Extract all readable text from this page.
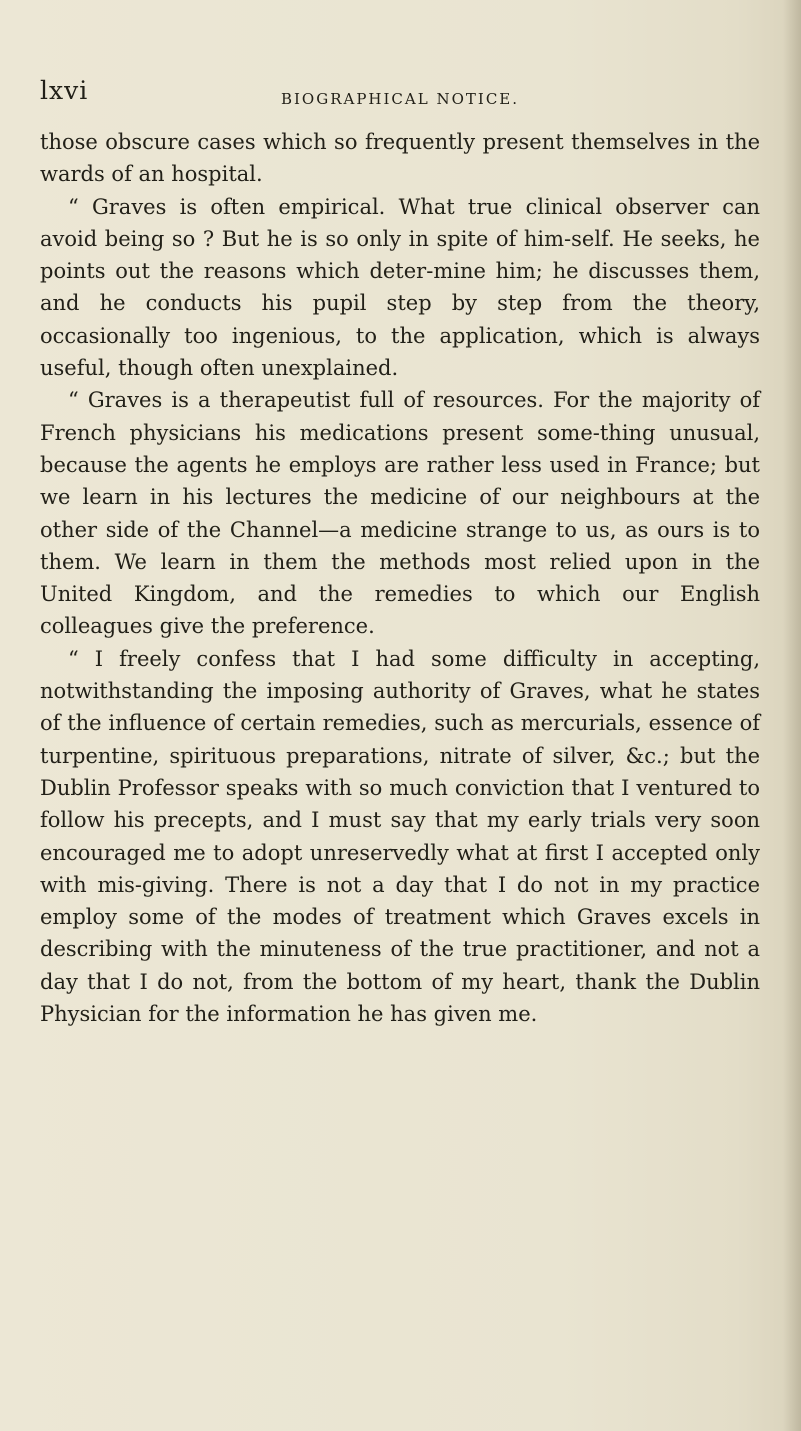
lxvi	BIOGRAPHICAL NOTICE.

those obscure cases which so frequently present themselves in the wards of an hospital.

“ Graves is often empirical. What true clinical observer can avoid being so ? But he is so only in spite of him-self. He seeks, he points out the reasons which deter-mine him; he discusses them, and he conducts his pupil step by step from the theory, occasionally too ingenious, to the application, which is always useful, though often unexplained.

“ Graves is a therapeutist full of resources. For the majority of French physicians his medications present some-thing unusual, because the agents he employs are rather less used in France; but we learn in his lectures the medicine of our neighbours at the other side of the Channel—a medicine strange to us, as ours is to them. We learn in them the methods most relied upon in the United Kingdom, and the remedies to which our English colleagues give the preference.

“ I freely confess that I had some difficulty in accepting, notwithstanding the imposing authority of Graves, what he states of the influence of certain remedies, such as mercurials, essence of turpentine, spirituous preparations, nitrate of silver, &c.; but the Dublin Professor speaks with so much conviction that I ventured to follow his precepts, and I must say that my early trials very soon encouraged me to adopt unreservedly what at first I accepted only with mis-giving. There is not a day that I do not in my practice employ some of the modes of treatment which Graves excels in describing with the minuteness of the true practitioner, and not a day that I do not, from the bottom of my heart, thank the Dublin Physician for the information he has given me.
